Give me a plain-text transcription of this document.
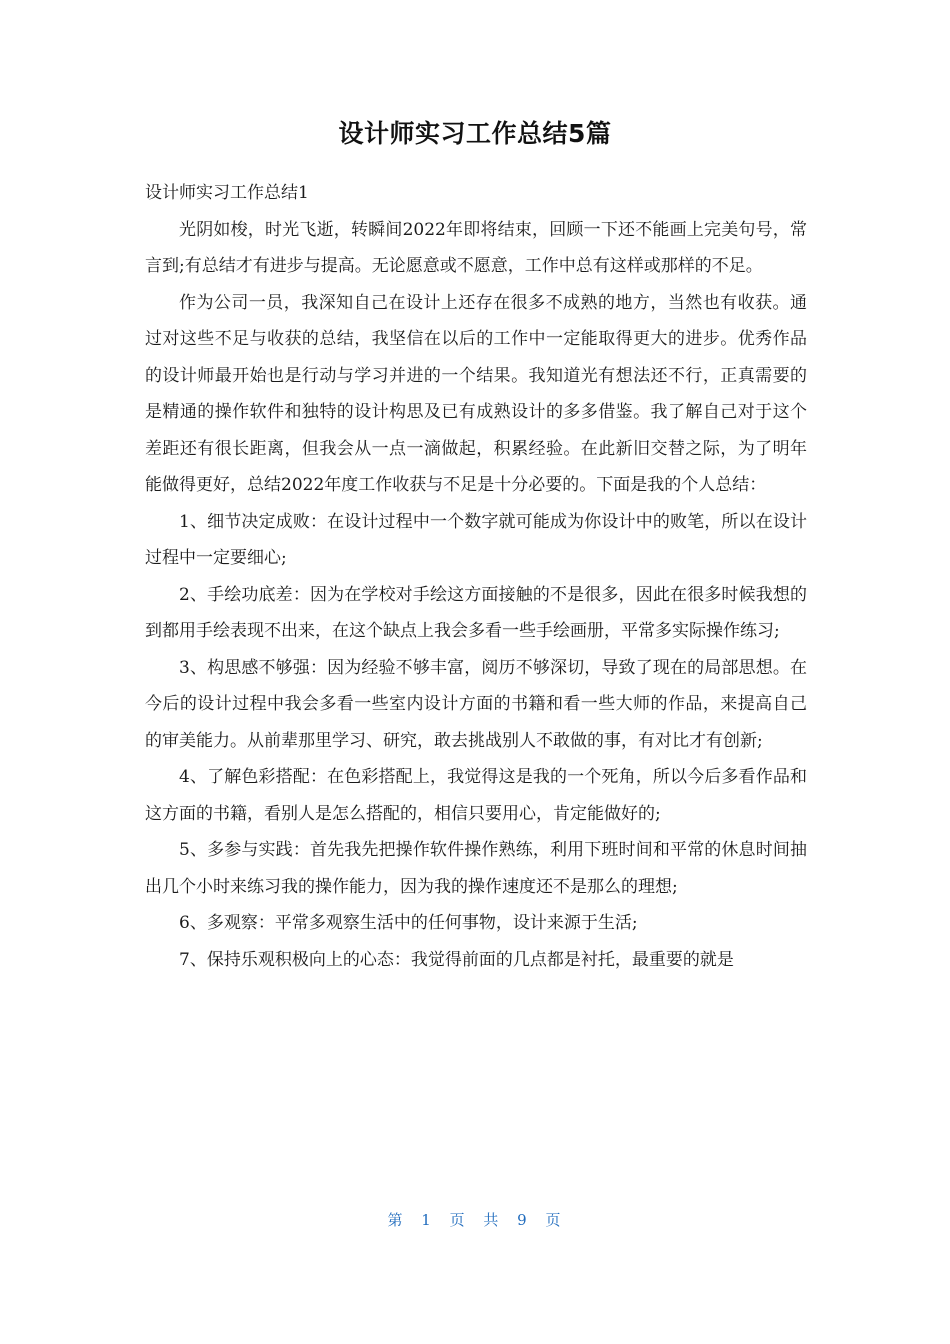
设计师实习工作总结5篇

设计师实习工作总结1

光阴如梭，时光飞逝，转瞬间2022年即将结束，回顾一下还不能画上完美句号，常言到;有总结才有进步与提高。无论愿意或不愿意，工作中总有这样或那样的不足。

作为公司一员，我深知自己在设计上还存在很多不成熟的地方，当然也有收获。通过对这些不足与收获的总结，我坚信在以后的工作中一定能取得更大的进步。优秀作品的设计师最开始也是行动与学习并进的一个结果。我知道光有想法还不行，正真需要的是精通的操作软件和独特的设计构思及已有成熟设计的多多借鉴。我了解自己对于这个差距还有很长距离，但我会从一点一滴做起，积累经验。在此新旧交替之际，为了明年能做得更好，总结2022年度工作收获与不足是十分必要的。下面是我的个人总结：

1、细节决定成败：在设计过程中一个数字就可能成为你设计中的败笔，所以在设计过程中一定要细心;

2、手绘功底差：因为在学校对手绘这方面接触的不是很多，因此在很多时候我想的到都用手绘表现不出来，在这个缺点上我会多看一些手绘画册，平常多实际操作练习;

3、构思感不够强：因为经验不够丰富，阅历不够深切，导致了现在的局部思想。在今后的设计过程中我会多看一些室内设计方面的书籍和看一些大师的作品，来提高自己的审美能力。从前辈那里学习、研究，敢去挑战别人不敢做的事，有对比才有创新;

4、了解色彩搭配：在色彩搭配上，我觉得这是我的一个死角，所以今后多看作品和这方面的书籍，看别人是怎么搭配的，相信只要用心，肯定能做好的;

5、多参与实践：首先我先把操作软件操作熟练，利用下班时间和平常的休息时间抽出几个小时来练习我的操作能力，因为我的操作速度还不是那么的理想;

6、多观察：平常多观察生活中的任何事物，设计来源于生活;

7、保持乐观积极向上的心态：我觉得前面的几点都是衬托，最重要的就是

第 1 页 共 9 页
